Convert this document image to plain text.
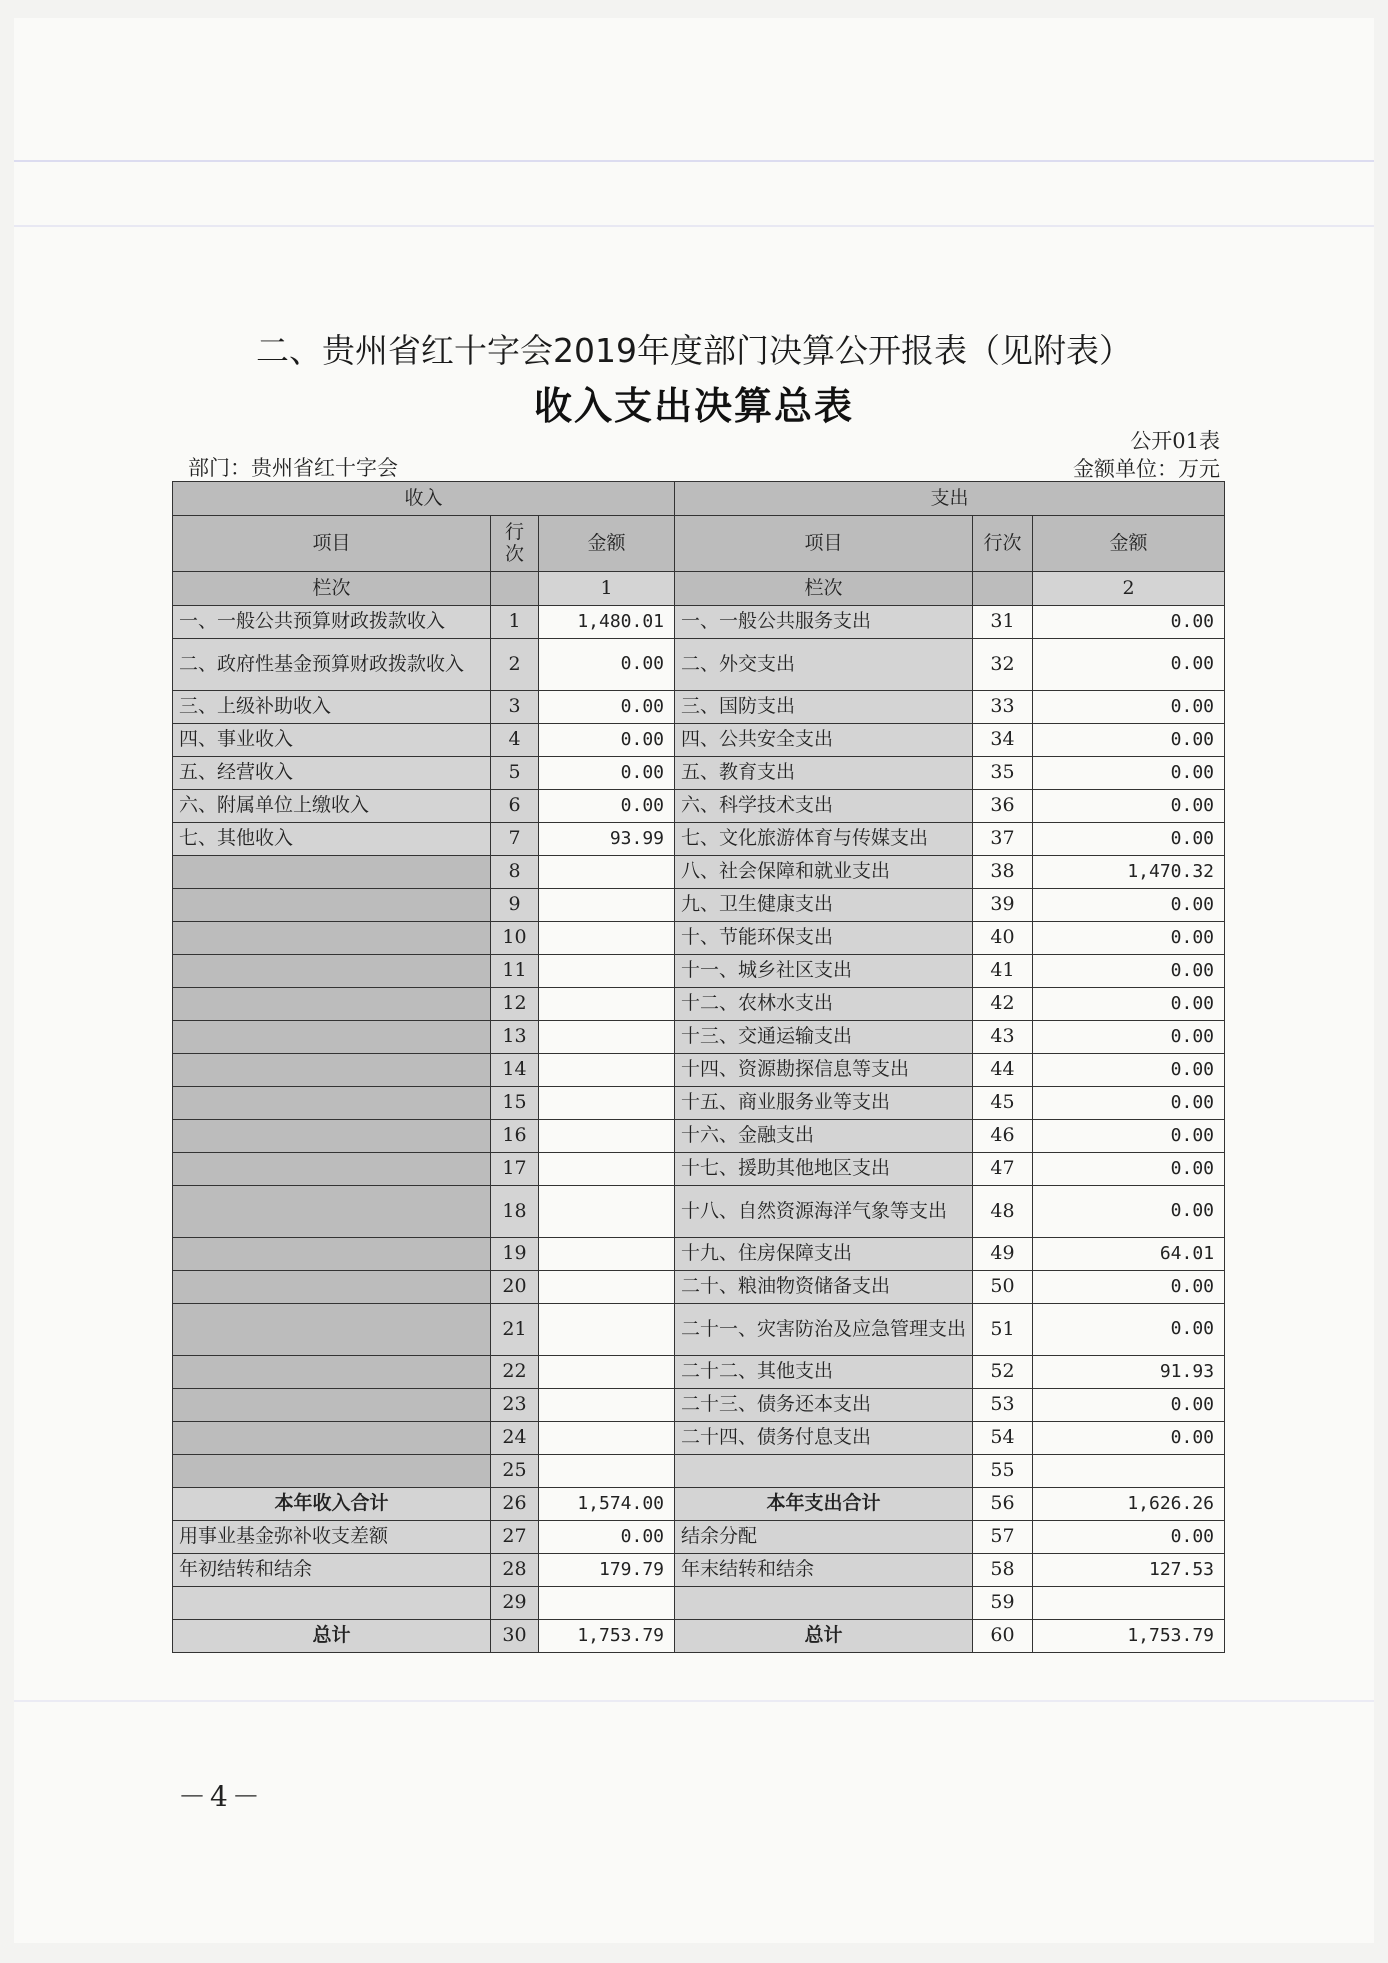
二、贵州省红十字会2019年度部门决算公开报表（见附表）
收入支出决算总表
公开01表
部门：贵州省红十字会	金额单位：万元
收入			支出		
项目	行次	金额	项目	行次	金额
栏次		1	栏次		2
一、一般公共预算财政拨款收入	1	1,480.01	一、一般公共服务支出	31	0.00
二、政府性基金预算财政拨款收入	2	0.00	二、外交支出	32	0.00
三、上级补助收入	3	0.00	三、国防支出	33	0.00
四、事业收入	4	0.00	四、公共安全支出	34	0.00
五、经营收入	5	0.00	五、教育支出	35	0.00
六、附属单位上缴收入	6	0.00	六、科学技术支出	36	0.00
七、其他收入	7	93.99	七、文化旅游体育与传媒支出	37	0.00
	8		八、社会保障和就业支出	38	1,470.32
	9		九、卫生健康支出	39	0.00
	10		十、节能环保支出	40	0.00
	11		十一、城乡社区支出	41	0.00
	12		十二、农林水支出	42	0.00
	13		十三、交通运输支出	43	0.00
	14		十四、资源勘探信息等支出	44	0.00
	15		十五、商业服务业等支出	45	0.00
	16		十六、金融支出	46	0.00
	17		十七、援助其他地区支出	47	0.00
	18		十八、自然资源海洋气象等支出	48	0.00
	19		十九、住房保障支出	49	64.01
	20		二十、粮油物资储备支出	50	0.00
	21		二十一、灾害防治及应急管理支出	51	0.00
	22		二十二、其他支出	52	91.93
	23		二十三、债务还本支出	53	0.00
	24		二十四、债务付息支出	54	0.00
	25			55	
本年收入合计	26	1,574.00	本年支出合计	56	1,626.26
用事业基金弥补收支差额	27	0.00	结余分配	57	0.00
年初结转和结余	28	179.79	年末结转和结余	58	127.53
	29			59	
总计	30	1,753.79	总计	60	1,753.79
－4－
